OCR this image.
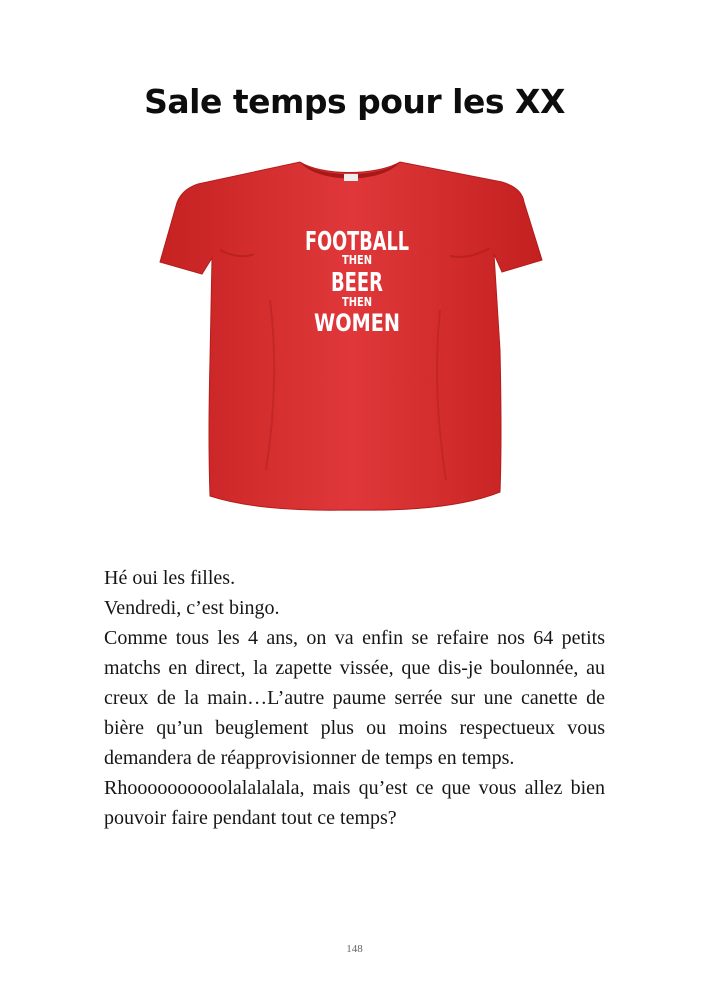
Sale temps pour les XX
FOOTBALL
THEN
BEER
THEN
WOMEN

Hé oui les filles.

Vendredi, c’est bingo.

Comme tous les 4 ans, on va enfin se refaire nos 64 petits matchs en direct, la zapette vissée, que dis-je boulonnée, au creux de la main…L’autre paume serrée sur une canette de bière qu’un beuglement plus ou moins respectueux vous demandera de réapprovisionner de temps en temps.

Rhoooooooooolalalalala, mais qu’est ce que vous allez bien pouvoir faire pendant tout ce temps?

148
